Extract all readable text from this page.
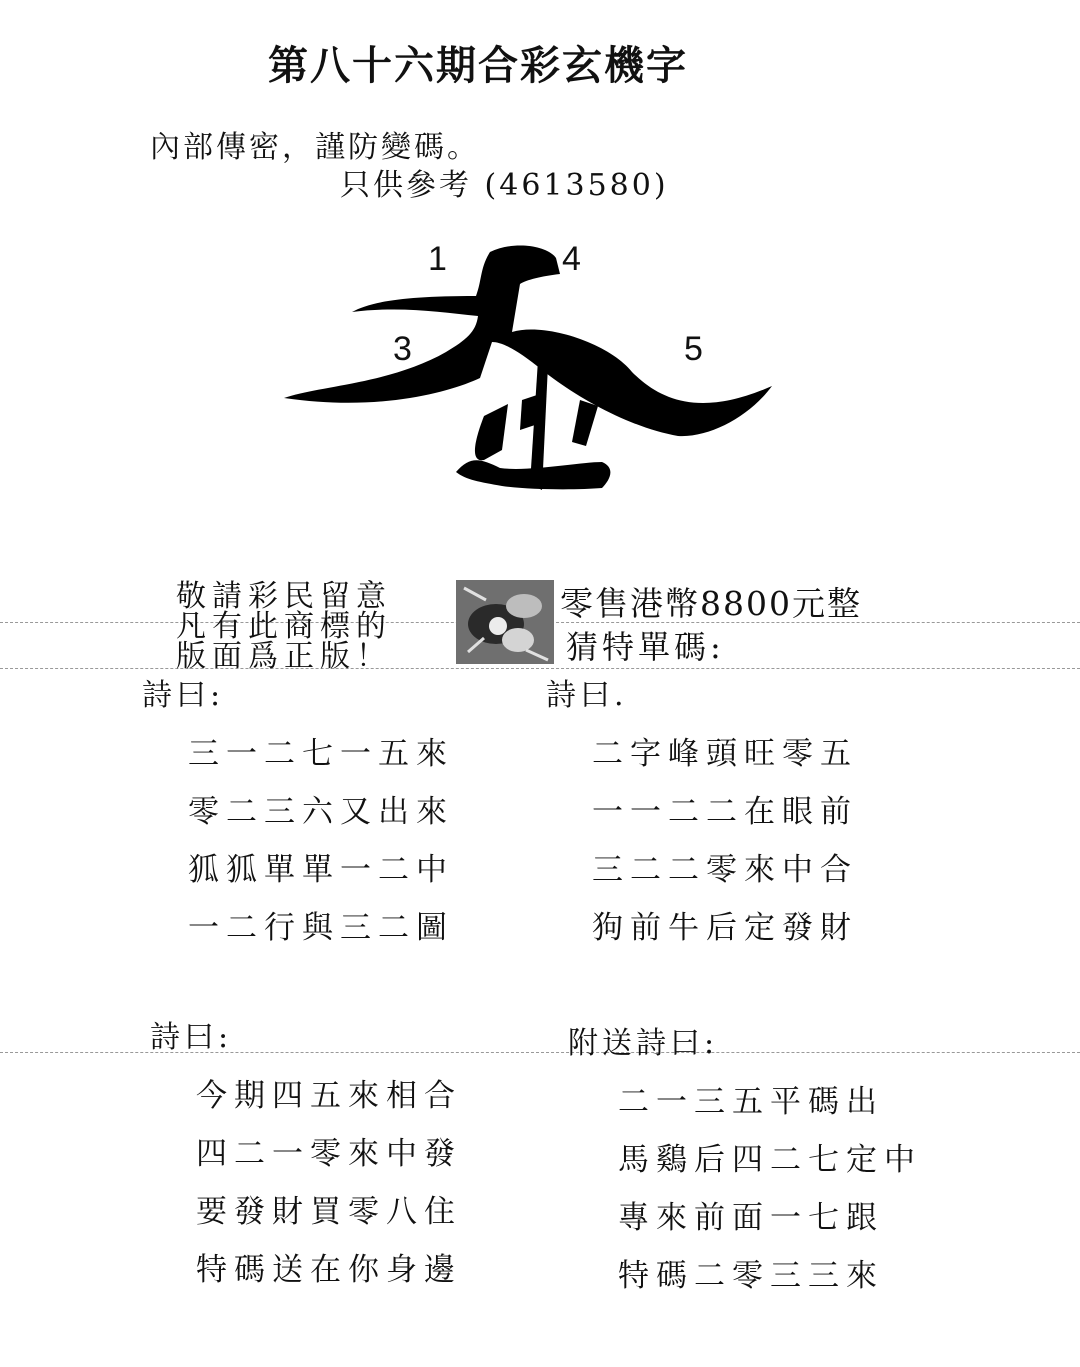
第八十六期合彩玄機字
內部傳密，謹防變碼。
只供參考 (4613580)
1	4
3	5
敬請彩民留意
凡有此商標的
版面爲正版！
零售港幣8800元整
猜特單碼:
詩曰:
三一二七一五來
零二三六又出來
狐狐單單一二中
一二行與三二圖
詩曰.
二字峰頭旺零五
一一二二在眼前
三二二零來中合
狗前牛后定發財
詩曰:
今期四五來相合
四二一零來中發
要發財買零八住
特碼送在你身邊
附送詩曰:
二一三五平碼出
馬鷄后四二七定中
專來前面一七跟
特碼二零三三來
